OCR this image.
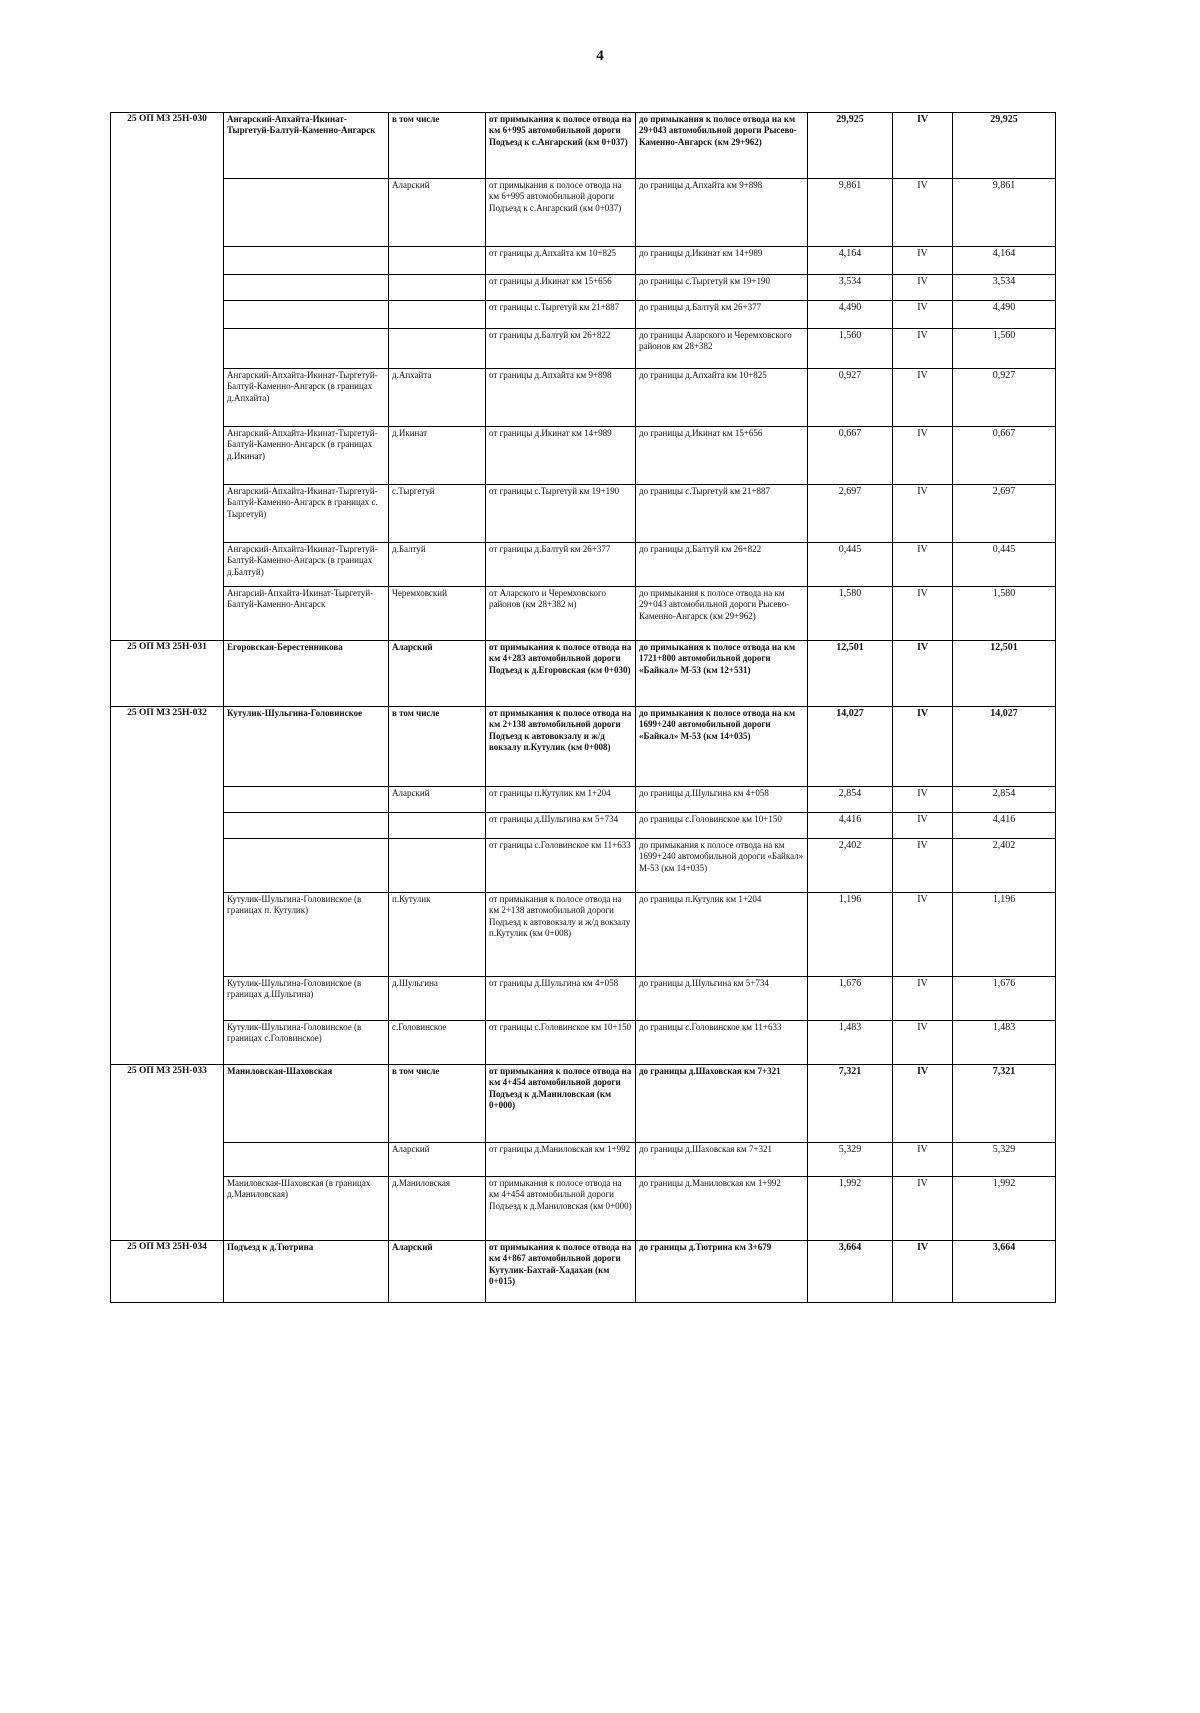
4
25 ОП МЗ 25Н-030	Ангарский-Апхайта-Икинат-Тыргетуй-Балтуй-Каменно-Ангарск	в том числе	от примыкания к полосе отвода на км 6+995 автомобильной дороги Подъезд к с.Ангарский (км 0+037)	до примыкания к полосе отвода на км 29+043 автомобильной дороги Рысево-Каменно-Ангарск (км 29+962)	29,925	IV	29,925
		Аларский	от примыкания к полосе отвода на км 6+995 автомобильной дороги Подъезд к с.Ангарский (км 0+037)	до границы д.Апхайта км 9+898	9,861	IV	9,861
			от границы д.Апхайта км 10+825	до границы д.Икинат км 14+989	4,164	IV	4,164
			от границы д.Икинат км 15+656	до границы с.Тыргетуй км 19+190	3,534	IV	3,534
			от границы с.Тыргетуй км 21+887	до границы д.Балтуй км 26+377	4,490	IV	4,490
			от границы д.Балтуй км 26+822	до границы Аларского и Черемховского районов км 28+382	1,560	IV	1,560
	Ангарский-Апхайта-Икинат-Тыргетуй-Балтуй-Каменно-Ангарск (в границах д.Апхайта)	д.Апхайта	от границы д.Апхайта км 9+898	до границы д.Апхайта км 10+825	0,927	IV	0,927
	Ангарский-Апхайта-Икинат-Тыргетуй-Балтуй-Каменно-Ангарск (в границах д.Икинат)	д.Икинат	от границы д.Икинат км 14+989	до границы д.Икинат км 15+656	0,667	IV	0,667
	Ангарский-Апхайта-Икинат-Тыргетуй-Балтуй-Каменно-Ангарск в границах с. Тыргетуй)	с.Тыргетуй	от границы с.Тыргетуй км 19+190	до границы с.Тыргетуй км 21+887	2,697	IV	2,697
	Ангарский-Апхайта-Икинат-Тыргетуй-Балтуй-Каменно-Ангарск (в границах д.Балтуй)	д.Балтуй	от границы д.Балтуй км 26+377	до границы д.Балтуй км 26+822	0,445	IV	0,445
	Ангарсий-Апхайта-Икинат-Тыргетуй-Балтуй-Каменно-Ангарск	Черемховский	от Аларского и Черемховского районов (км 28+382 м)	до примыкания к полосе отвода на км 29+043 автомобильной дороги Рысево-Каменно-Ангарск (км 29+962)	1,580	IV	1,580
25 ОП МЗ 25Н-031	Егоровская-Берестенникова	Аларский	от примыкания к полосе отвода на км 4+283 автомобильной дороги Подъезд к д.Егоровская (км 0+030)	до примыкания к полосе отвода на км 1721+800 автомобильной дороги «Байкал» М-53 (км 12+531)	12,501	IV	12,501
25 ОП МЗ 25Н-032	Кутулик-Шульгина-Головинское	в том числе	от примыкания к полосе отвода на км 2+138 автомобильной дороги Подъезд к автовокзалу и ж/д вокзалу п.Кутулик (км 0+008)	до примыкания к полосе отвода на км 1699+240 автомобильной дороги «Байкал» М-53 (км 14+035)	14,027	IV	14,027
		Аларский	от границы п.Кутулик км 1+204	до границы д.Шульгина км 4+058	2,854	IV	2,854
			от границы д.Шульгина км 5+734	до границы с.Головинское км 10+150	4,416	IV	4,416
			от границы с.Головинское км 11+633	до примыкания к полосе отвода на км 1699+240 автомобильной дороги «Байкал» М-53 (км 14+035)	2,402	IV	2,402
	Кутулик-Шульгина-Головинское (в границах п. Кутулик)	п.Кутулик	от примыкания к полосе отвода на км 2+138 автомобильной дороги Подъезд к автовокзалу и ж/д вокзалу п.Кутулик (км 0+008)	до границы п.Кутулик км 1+204	1,196	IV	1,196
	Кутулик-Шульгина-Головинское (в границах д.Шульгина)	д.Шульгина	от границы д.Шульгина км 4+058	до границы д.Шульгина км 5+734	1,676	IV	1,676
	Кутулик-Шульгина-Головинское (в границах с.Головинское)	с.Головинское	от границы с.Головинское км 10+150	до границы с.Головинское км 11+633	1,483	IV	1,483
25 ОП МЗ 25Н-033	Маниловская-Шаховская	в том числе	от примыкания к полосе отвода на км 4+454 автомобильной дороги Подъезд к д.Маниловская (км 0+000)	до границы д.Шаховская км 7+321	7,321	IV	7,321
		Аларский	от границы д.Маниловская км 1+992	до границы д.Шаховская км 7+321	5,329	IV	5,329
	Маниловская-Шаховская (в границах д.Маниловская)	д.Маниловская	от примыкания к полосе отвода на км 4+454 автомобильной дороги Подъезд к д.Маниловская (км 0+000)	до границы д.Маниловская км 1+992	1,992	IV	1,992
25 ОП МЗ 25Н-034	Подъезд к д.Тютрина	Аларский	от примыкания к полосе отвода на км 4+867 автомобильной дороги Кутулик-Бахтай-Хадахан (км 0+015)	до границы д.Тютрина км 3+679	3,664	IV	3,664
